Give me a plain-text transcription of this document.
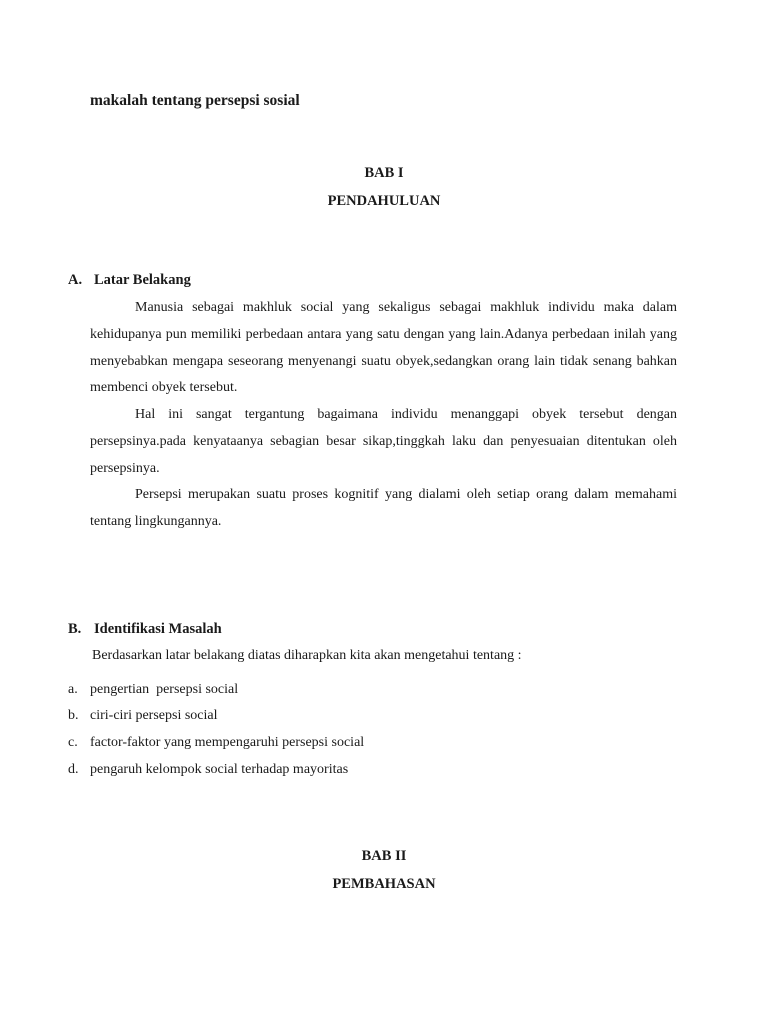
makalah tentang persepsi sosial
BAB I
PENDAHULUAN
A. Latar Belakang

Manusia sebagai makhluk social yang sekaligus sebagai makhluk individu maka dalam kehidupanya pun memiliki perbedaan antara yang satu dengan yang lain.Adanya perbedaan inilah yang menyebabkan mengapa seseorang menyenangi suatu obyek,sedangkan orang lain tidak senang bahkan membenci obyek tersebut.

Hal ini sangat tergantung bagaimana individu menanggapi obyek tersebut dengan persepsinya.pada kenyataanya sebagian besar sikap,tinggkah laku dan penyesuaian ditentukan oleh persepsinya.

Persepsi merupakan suatu proses kognitif yang dialami oleh setiap orang dalam memahami tentang lingkungannya.

B. Identifikasi Masalah
Berdasarkan latar belakang diatas diharapkan kita akan mengetahui tentang :
a. pengertian  persepsi social
b. ciri-ciri persepsi social
c. factor-faktor yang mempengaruhi persepsi social
d. pengaruh kelompok social terhadap mayoritas
BAB II
PEMBAHASAN
